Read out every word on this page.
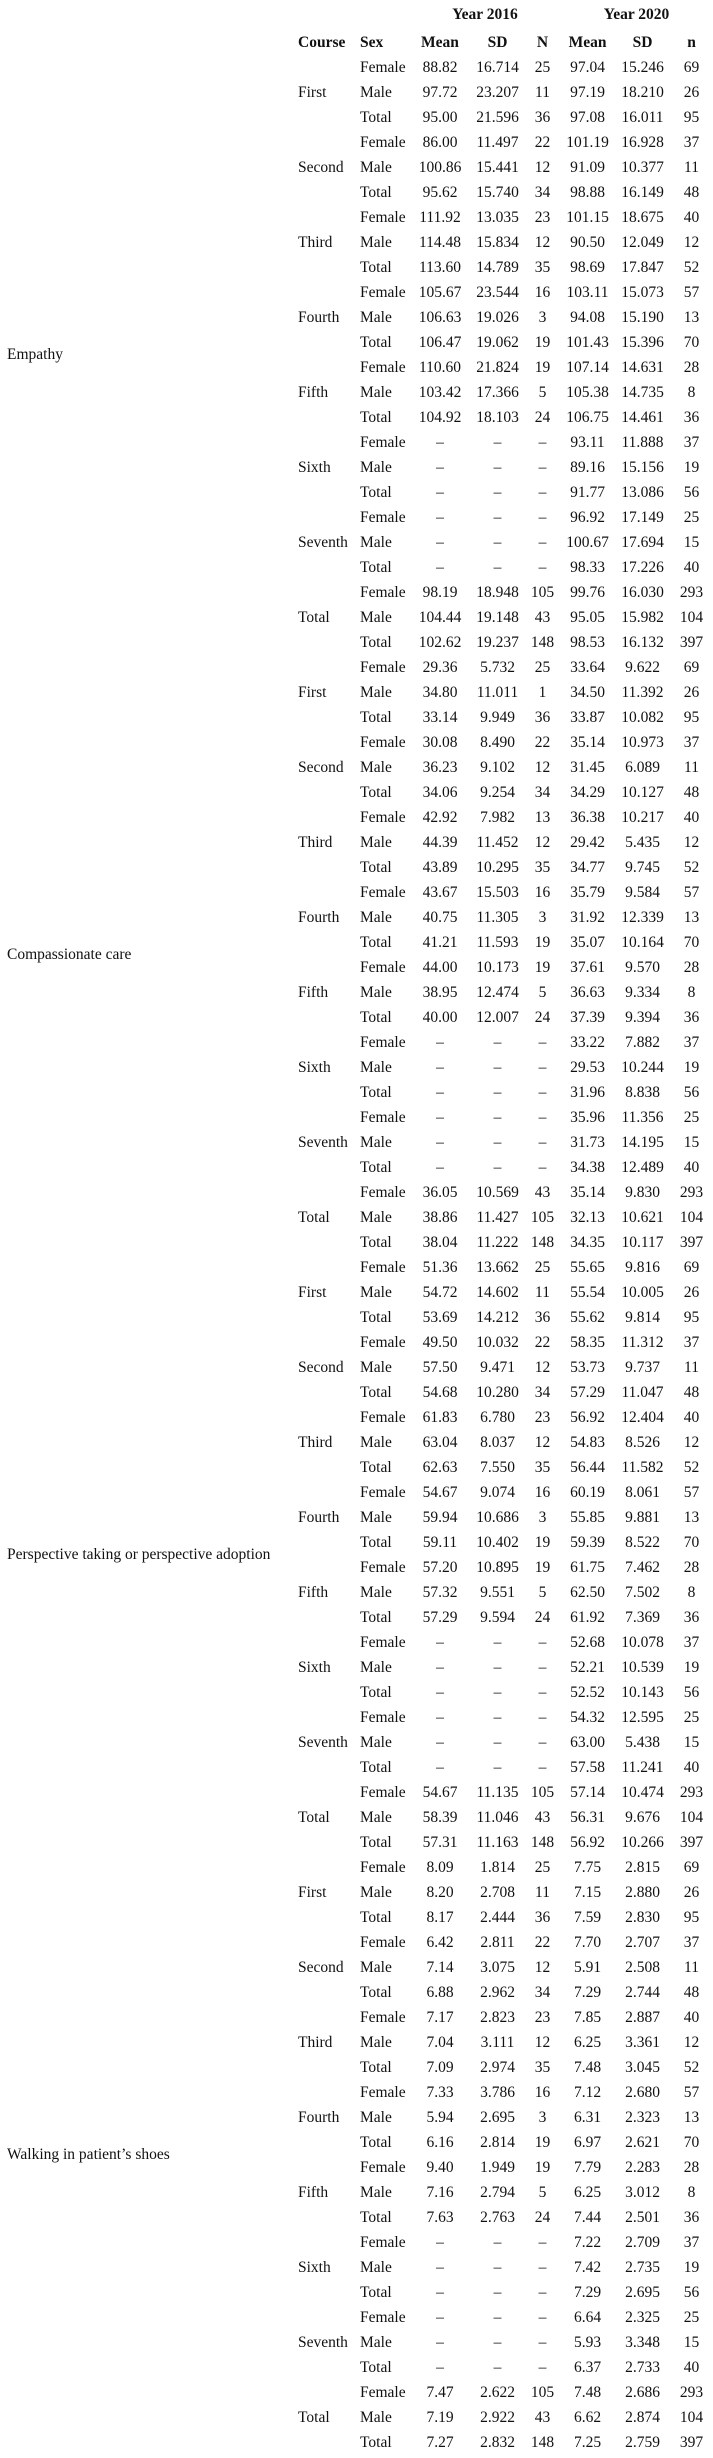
			Year 2016			Year 2020		
	Course	Sex	Mean	SD	N	Mean	SD	n
Empathy	First	Female	88.82	16.714	25	97.04	15.246	69
		Male	97.72	23.207	11	97.19	18.210	26
		Total	95.00	21.596	36	97.08	16.011	95
	Second	Female	86.00	11.497	22	101.19	16.928	37
		Male	100.86	15.441	12	91.09	10.377	11
		Total	95.62	15.740	34	98.88	16.149	48
	Third	Female	111.92	13.035	23	101.15	18.675	40
		Male	114.48	15.834	12	90.50	12.049	12
		Total	113.60	14.789	35	98.69	17.847	52
	Fourth	Female	105.67	23.544	16	103.11	15.073	57
		Male	106.63	19.026	3	94.08	15.190	13
		Total	106.47	19.062	19	101.43	15.396	70
	Fifth	Female	110.60	21.824	19	107.14	14.631	28
		Male	103.42	17.366	5	105.38	14.735	8
		Total	104.92	18.103	24	106.75	14.461	36
	Sixth	Female	–	–	–	93.11	11.888	37
		Male	–	–	–	89.16	15.156	19
		Total	–	–	–	91.77	13.086	56
	Seventh	Female	–	–	–	96.92	17.149	25
		Male	–	–	–	100.67	17.694	15
		Total	–	–	–	98.33	17.226	40
	Total	Female	98.19	18.948	105	99.76	16.030	293
		Male	104.44	19.148	43	95.05	15.982	104
		Total	102.62	19.237	148	98.53	16.132	397
Compassionate care	First	Female	29.36	5.732	25	33.64	9.622	69
		Male	34.80	11.011	1	34.50	11.392	26
		Total	33.14	9.949	36	33.87	10.082	95
	Second	Female	30.08	8.490	22	35.14	10.973	37
		Male	36.23	9.102	12	31.45	6.089	11
		Total	34.06	9.254	34	34.29	10.127	48
	Third	Female	42.92	7.982	13	36.38	10.217	40
		Male	44.39	11.452	12	29.42	5.435	12
		Total	43.89	10.295	35	34.77	9.745	52
	Fourth	Female	43.67	15.503	16	35.79	9.584	57
		Male	40.75	11.305	3	31.92	12.339	13
		Total	41.21	11.593	19	35.07	10.164	70
	Fifth	Female	44.00	10.173	19	37.61	9.570	28
		Male	38.95	12.474	5	36.63	9.334	8
		Total	40.00	12.007	24	37.39	9.394	36
	Sixth	Female	–	–	–	33.22	7.882	37
		Male	–	–	–	29.53	10.244	19
		Total	–	–	–	31.96	8.838	56
	Seventh	Female	–	–	–	35.96	11.356	25
		Male	–	–	–	31.73	14.195	15
		Total	–	–	–	34.38	12.489	40
	Total	Female	36.05	10.569	43	35.14	9.830	293
		Male	38.86	11.427	105	32.13	10.621	104
		Total	38.04	11.222	148	34.35	10.117	397
Perspective taking or perspective adoption	First	Female	51.36	13.662	25	55.65	9.816	69
		Male	54.72	14.602	11	55.54	10.005	26
		Total	53.69	14.212	36	55.62	9.814	95
	Second	Female	49.50	10.032	22	58.35	11.312	37
		Male	57.50	9.471	12	53.73	9.737	11
		Total	54.68	10.280	34	57.29	11.047	48
	Third	Female	61.83	6.780	23	56.92	12.404	40
		Male	63.04	8.037	12	54.83	8.526	12
		Total	62.63	7.550	35	56.44	11.582	52
	Fourth	Female	54.67	9.074	16	60.19	8.061	57
		Male	59.94	10.686	3	55.85	9.881	13
		Total	59.11	10.402	19	59.39	8.522	70
	Fifth	Female	57.20	10.895	19	61.75	7.462	28
		Male	57.32	9.551	5	62.50	7.502	8
		Total	57.29	9.594	24	61.92	7.369	36
	Sixth	Female	–	–	–	52.68	10.078	37
		Male	–	–	–	52.21	10.539	19
		Total	–	–	–	52.52	10.143	56
	Seventh	Female	–	–	–	54.32	12.595	25
		Male	–	–	–	63.00	5.438	15
		Total	–	–	–	57.58	11.241	40
	Total	Female	54.67	11.135	105	57.14	10.474	293
		Male	58.39	11.046	43	56.31	9.676	104
		Total	57.31	11.163	148	56.92	10.266	397
Walking in patient’s shoes	First	Female	8.09	1.814	25	7.75	2.815	69
		Male	8.20	2.708	11	7.15	2.880	26
		Total	8.17	2.444	36	7.59	2.830	95
	Second	Female	6.42	2.811	22	7.70	2.707	37
		Male	7.14	3.075	12	5.91	2.508	11
		Total	6.88	2.962	34	7.29	2.744	48
	Third	Female	7.17	2.823	23	7.85	2.887	40
		Male	7.04	3.111	12	6.25	3.361	12
		Total	7.09	2.974	35	7.48	3.045	52
	Fourth	Female	7.33	3.786	16	7.12	2.680	57
		Male	5.94	2.695	3	6.31	2.323	13
		Total	6.16	2.814	19	6.97	2.621	70
	Fifth	Female	9.40	1.949	19	7.79	2.283	28
		Male	7.16	2.794	5	6.25	3.012	8
		Total	7.63	2.763	24	7.44	2.501	36
	Sixth	Female	–	–	–	7.22	2.709	37
		Male	–	–	–	7.42	2.735	19
		Total	–	–	–	7.29	2.695	56
	Seventh	Female	–	–	–	6.64	2.325	25
		Male	–	–	–	5.93	3.348	15
		Total	–	–	–	6.37	2.733	40
	Total	Female	7.47	2.622	105	7.48	2.686	293
		Male	7.19	2.922	43	6.62	2.874	104
		Total	7.27	2.832	148	7.25	2.759	397
